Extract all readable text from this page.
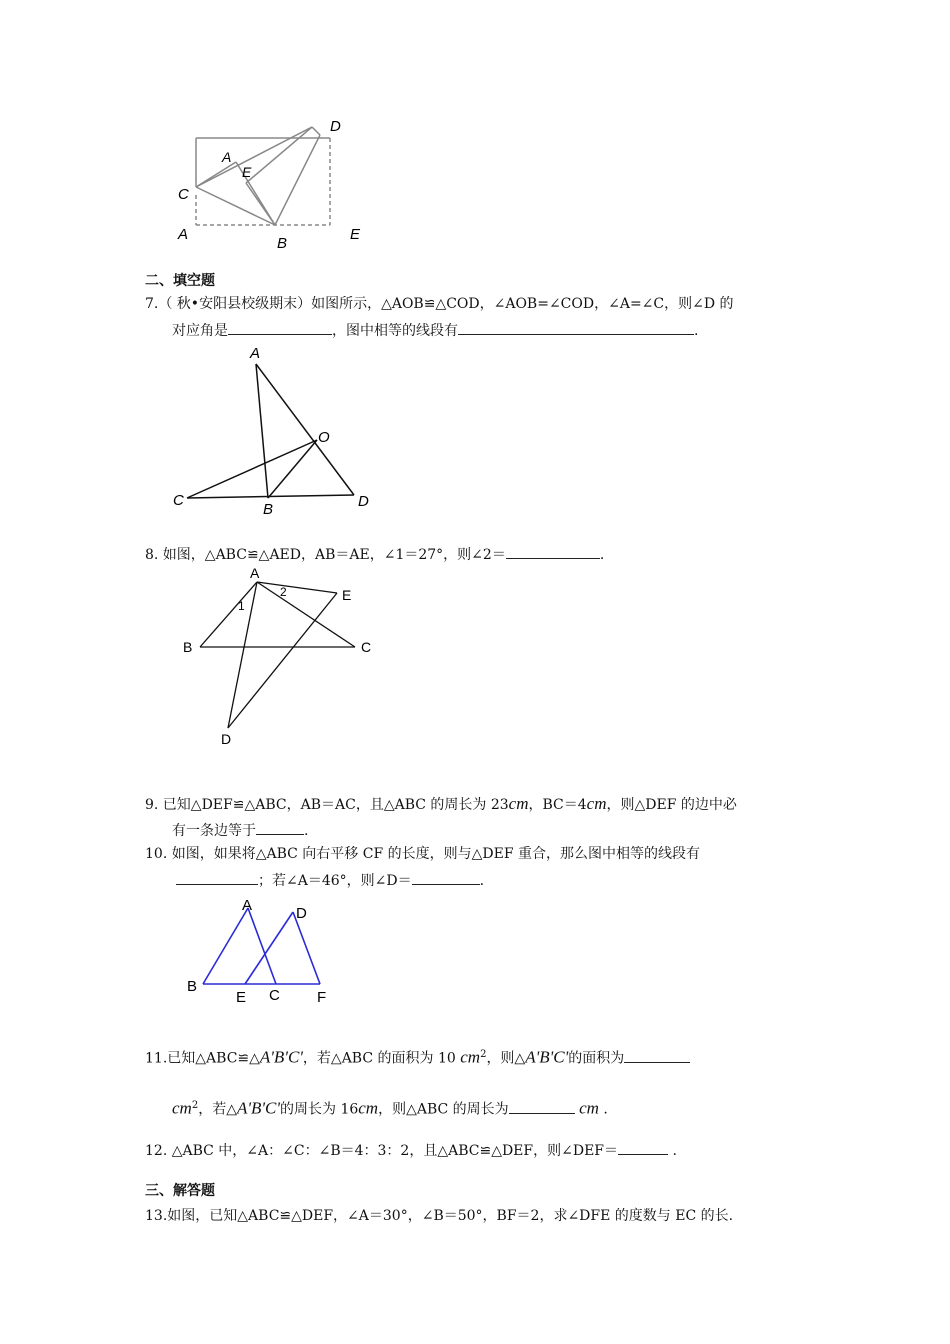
A
B
C
D
E
A
E
二、填空题
7.（ 秋•安阳县校级期末）如图所示，△AOB≌△COD，∠AOB=∠COD，∠A=∠C，则∠D 的
对应角是	，图中相等的线段有	.
A
O
C
B	D
8. 如图，△ABC≌△AED，AB＝AE，∠1＝27°，则∠2＝	.
A
E
B	C
D
1
2
9. 已知△DEF≌△ABC，AB＝AC，且△ABC 的周长为 23cm，BC＝4cm，则△DEF 的边中必
有一条边等于	.
10. 如图，如果将△ABC 向右平移 CF 的长度，则与△DEF 重合，那么图中相等的线段有
；若∠A＝46°，则∠D＝	.
A	D
B
E C F
11.已知△ABC≌△A'B'C'，若△ABC 的面积为 10 $cm^2$，则△A'B'C'的面积为
$cm^2$，若△A'B'C'的周长为 16cm，则△ABC 的周长为	cm .
12. △ABC 中，∠A：∠C：∠B＝4：3：2，且△ABC≌△DEF，则∠DEF＝	.
三、解答题
13.如图，已知△ABC≌△DEF，∠A＝30°，∠B＝50°，BF＝2，求∠DFE 的度数与 EC 的长.
